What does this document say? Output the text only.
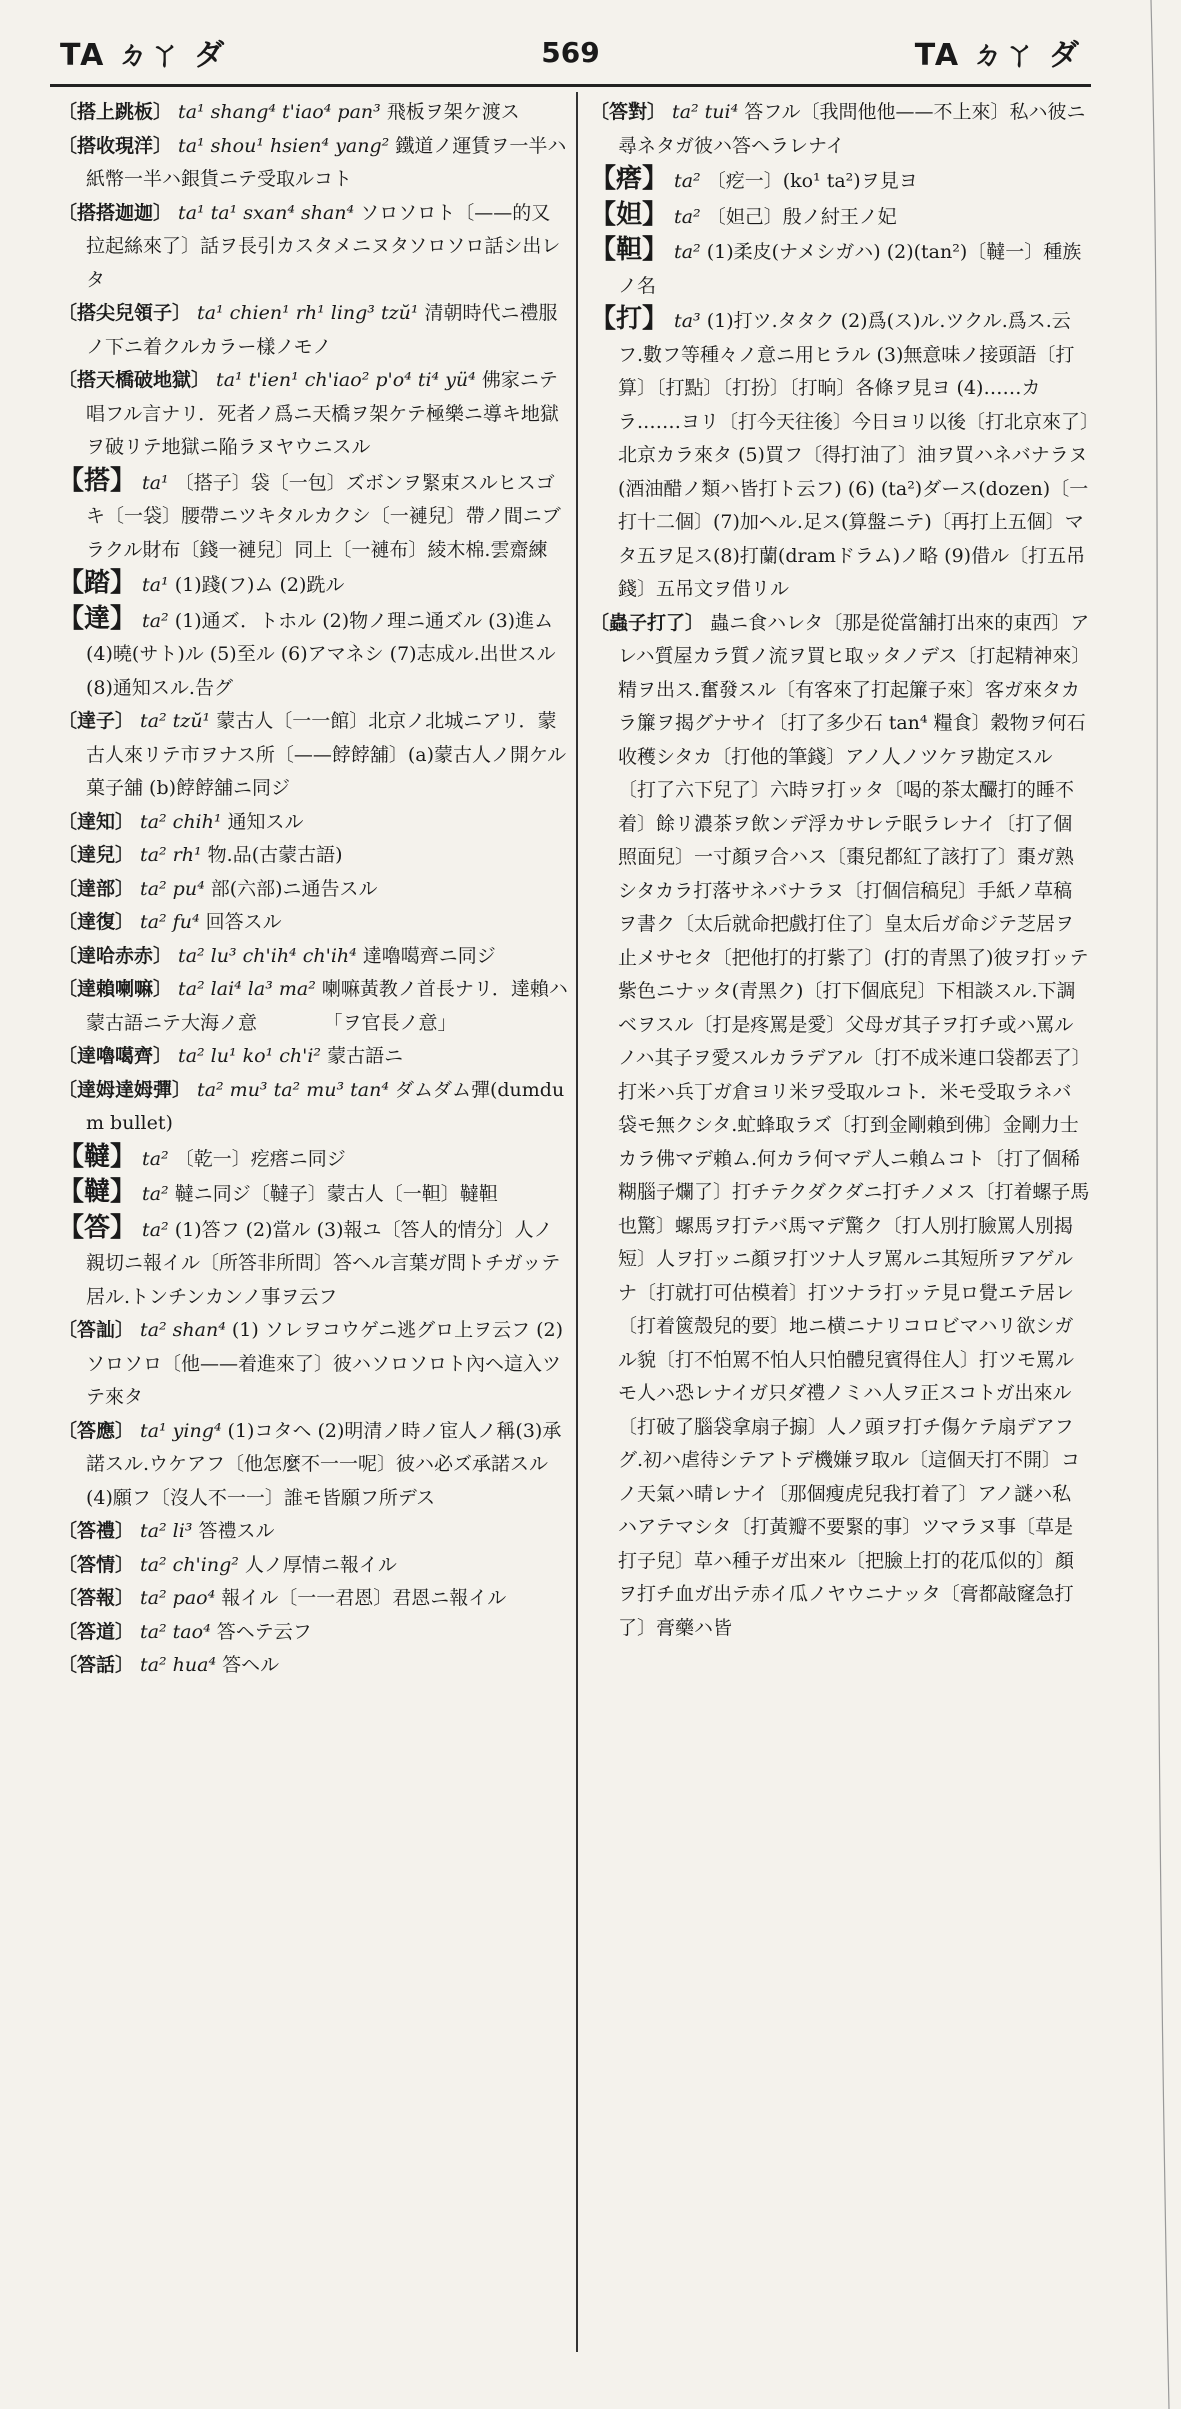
TA ㄉㄚ ダ	569	TA ㄉㄚ ダ

〔搭上跳板〕 ta¹ shang⁴ t'iao⁴ pan³ 飛板ヲ架ケ渡ス

〔搭收現洋〕 ta¹ shou¹ hsien⁴ yang² 鐵道ノ運賃ヲ一半ハ紙幣一半ハ銀貨ニテ受取ルコト

〔搭搭迦迦〕 ta¹ ta¹ sxan⁴ shan⁴ ソロソロト〔——的又拉起絲來了〕話ヲ長引カスタメニヌタソロソロ話シ出レタ

〔搭尖兒領子〕 ta¹ chien¹ rh¹ ling³ tzŭ¹ 清朝時代ニ禮服ノ下ニ着クルカラー樣ノモノ

〔搭天橋破地獄〕 ta¹ t'ien¹ ch'iao² p'o⁴ ti⁴ yü⁴ 佛家ニテ唱フル言ナリ．死者ノ爲ニ天橋ヲ架ケテ極樂ニ導キ地獄ヲ破リテ地獄ニ陥ラヌヤウニスル

【搭】 ta¹ 〔搭子〕袋〔一包〕ズボンヲ緊束スルヒスゴキ〔一袋〕腰帶ニツキタルカクシ〔一褳兒〕帶ノ間ニブラクル財布〔錢一褳兒〕同上〔一褳布〕綾木棉.雲齋練

【踏】 ta¹ (1)踐(フ)ム (2)跣ル

【達】 ta² (1)通ズ．トホル (2)物ノ理ニ通ズル (3)進ム (4)曉(サト)ル (5)至ル (6)アマネシ (7)志成ル.出世スル (8)通知スル.告グ

〔達子〕 ta² tzŭ¹ 蒙古人〔一一館〕北京ノ北城ニアリ．蒙古人來リテ市ヲナス所〔——餑餑舖〕(a)蒙古人ノ開ケル菓子舖 (b)餑餑舖ニ同ジ

〔達知〕 ta² chih¹ 通知スル

〔達兒〕 ta² rh¹ 物.品(古蒙古語)

〔達部〕 ta² pu⁴ 部(六部)ニ通告スル

〔達復〕 ta² fu⁴ 回答スル

〔達哈赤赤〕 ta² lu³ ch'ih⁴ ch'ih⁴ 達嚕噶齊ニ同ジ

〔達賴喇嘛〕 ta² lai⁴ la³ ma² 喇嘛黃教ノ首長ナリ．達賴ハ蒙古語ニテ大海ノ意　　　　「ヲ官長ノ意」

〔達嚕噶齊〕 ta² lu¹ ko¹ ch'i² 蒙古語ニ

〔達姆達姆彈〕 ta² mu³ ta² mu³ tan⁴ ダムダム彈(dumdum bullet)

【韃】 ta² 〔乾一〕疙瘩ニ同ジ

【韃】 ta² 韃ニ同ジ〔韃子〕蒙古人〔一靼〕韃靼

【答】 ta² (1)答フ (2)當ル (3)報ユ〔答人的情分〕人ノ親切ニ報イル〔所答非所問〕答ヘル言葉ガ問トチガッテ居ル.トンチンカンノ事ヲ云フ

〔答訕〕 ta² shan⁴ (1) ソレヲコウゲニ逃グロ上ヲ云フ (2)ソロソロ〔他——着進來了〕彼ハソロソロト內ヘ這入ツテ來タ

〔答應〕 ta¹ ying⁴ (1)コタヘ (2)明清ノ時ノ宦人ノ稱(3)承諾スル.ウケアフ〔他怎麼不一一呢〕彼ハ必ズ承諾スル (4)願フ〔沒人不一一〕誰モ皆願フ所デス

〔答禮〕 ta² li³ 答禮スル

〔答情〕 ta² ch'ing² 人ノ厚情ニ報イル

〔答報〕 ta² pao⁴ 報イル〔一一君恩〕君恩ニ報イル

〔答道〕 ta² tao⁴ 答ヘテ云フ

〔答話〕 ta² hua⁴ 答ヘル

〔答對〕 ta² tui⁴ 答フル〔我問他他——不上來〕私ハ彼ニ尋ネタガ彼ハ答ヘラレナイ

【瘩】 ta² 〔疙一〕(ko¹ ta²)ヲ見ヨ

【妲】 ta² 〔妲己〕殷ノ紂王ノ妃

【靼】 ta² (1)柔皮(ナメシガハ) (2)(tan²)〔韃一〕種族ノ名

【打】 ta³ (1)打ツ.タタク (2)爲(ス)ル.ツクル.爲ス.云フ.數フ等種々ノ意ニ用ヒラル (3)無意味ノ接頭語〔打算〕〔打點〕〔打扮〕〔打晌〕各條ヲ見ヨ (4)……カラ.……ヨリ〔打今天往後〕今日ヨリ以後〔打北京來了〕北京カラ來タ (5)買フ〔得打油了〕油ヲ買ハネバナラヌ(酒油醋ノ類ハ皆打ト云フ) (6) (ta²)ダース(dozen)〔一打十二個〕(7)加ヘル.足ス(算盤ニテ)〔再打上五個〕マタ五ヲ足ス(8)打蘭(dramドラム)ノ略 (9)借ル〔打五吊錢〕五吊文ヲ借リル

〔蟲子打了〕 蟲ニ食ハレタ〔那是從當舖打出來的東西〕アレハ質屋カラ質ノ流ヲ買ヒ取ッタノデス〔打起精神來〕精ヲ出ス.奮發スル〔有客來了打起簾子來〕客ガ來タカラ簾ヲ揭グナサイ〔打了多少石 tan⁴ 糧食〕穀物ヲ何石收穫シタカ〔打他的筆錢〕アノ人ノツケヲ勘定スル〔打了六下兒了〕六時ヲ打ッタ〔喝的茶太釅打的睡不着〕餘リ濃茶ヲ飲ンデ浮カサレテ眠ラレナイ〔打了個照面兒〕一寸顏ヲ合ハス〔棗兒都紅了該打了〕棗ガ熟シタカラ打落サネバナラヌ〔打個信稿兒〕手紙ノ草稿ヲ書ク〔太后就命把戲打住了〕皇太后ガ命ジテ芝居ヲ止メサセタ〔把他打的打紫了〕(打的青黑了)彼ヲ打ッテ紫色ニナッタ(青黑ク)〔打下個底兒〕下相談スル.下調ベヲスル〔打是疼罵是愛〕父母ガ其子ヲ打チ或ハ罵ルノハ其子ヲ愛スルカラデアル〔打不成米連口袋都丟了〕打米ハ兵丁ガ倉ヨリ米ヲ受取ルコト．米モ受取ラネバ袋モ無クシタ.虻蜂取ラズ〔打到金剛賴到佛〕金剛力士カラ佛マデ賴ム.何カラ何マデ人ニ賴ムコト〔打了個稀糊腦子爛了〕打チテクダクダニ打チノメス〔打着螺子馬也驚〕螺馬ヲ打テバ馬マデ驚ク〔打人別打臉罵人別揭短〕人ヲ打ッニ顏ヲ打ツナ人ヲ罵ルニ其短所ヲアゲルナ〔打就打可估模着〕打ツナラ打ッテ見ロ覺エテ居レ〔打着篋殼兒的要〕地ニ横ニナリコロビマハリ欲シガル貌〔打不怕罵不怕人只怕體兒賓得住人〕打ツモ罵ルモ人ハ恐レナイガ只ダ禮ノミハ人ヲ正スコトガ出來ル〔打破了腦袋拿扇子搧〕人ノ頭ヲ打チ傷ケテ扇デアフグ.初ハ虐待シテアトデ機嫌ヲ取ル〔這個天打不開〕コノ天氣ハ晴レナイ〔那個瘦虎兒我打着了〕アノ謎ハ私ハアテマシタ〔打黃瓣不要緊的事〕ツマラヌ事〔草是打子兒〕草ハ種子ガ出來ル〔把臉上打的花瓜似的〕顏ヲ打チ血ガ出テ赤イ瓜ノヤウニナッタ〔膏都敲窿急打了〕膏藥ハ皆
